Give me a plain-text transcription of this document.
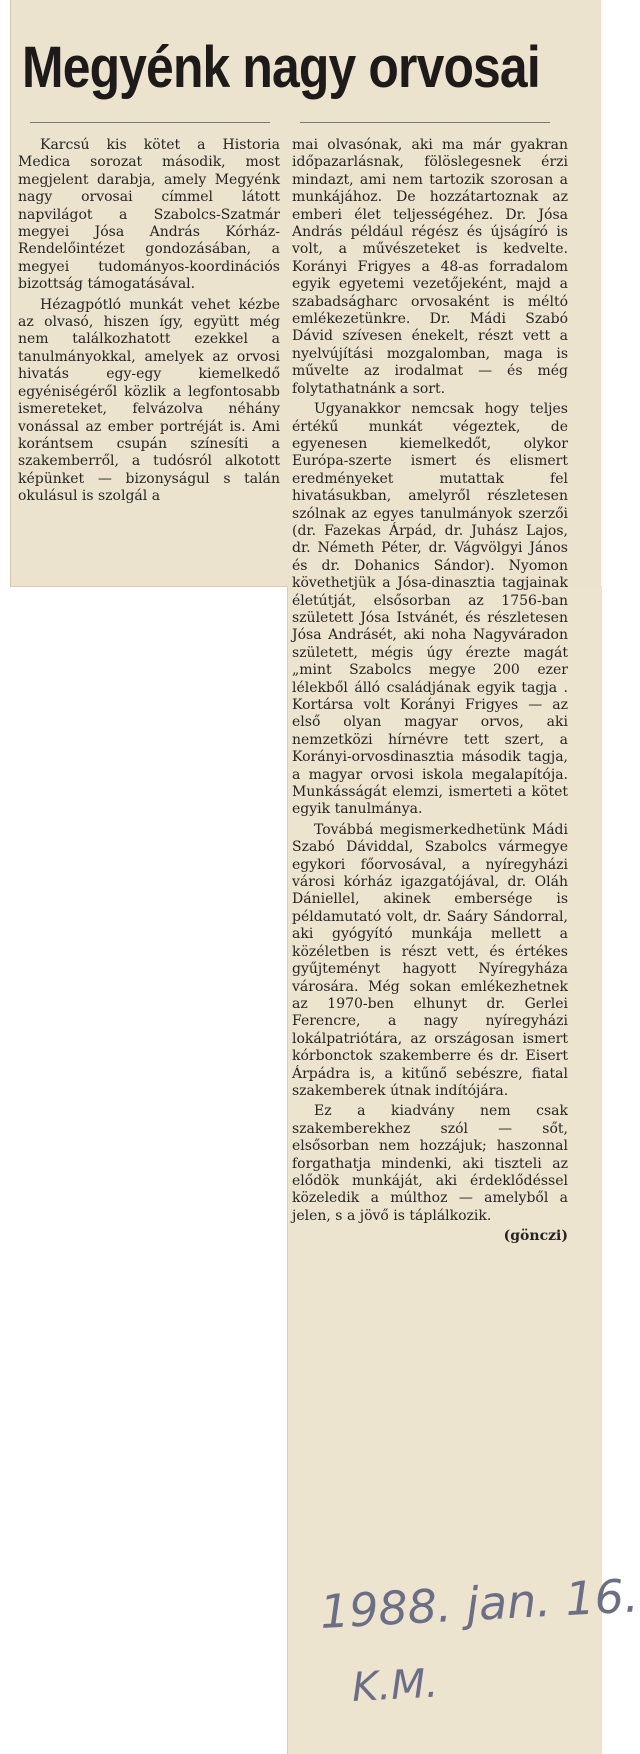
Megyénk nagy orvosai

Karcsú kis kötet a Historia Medica sorozat második, most megjelent darabja, amely Megyénk nagy orvosai címmel látott napvilágot a Szabolcs-Szatmár megyei Jósa András Kórház-Rendelőintézet gondozásában, a megyei tudományos-koordinációs bizottság támogatásával.

Hézagpótló munkát vehet kézbe az olvasó, hiszen így, együtt még nem találkozhatott ezekkel a tanulmányokkal, amelyek az orvosi hivatás egy-egy kiemelkedő egyéniségéről közlik a legfontosabb ismereteket, felvázolva néhány vonással az ember portréját is. Ami korántsem csupán színesíti a szakemberről, a tudósról alkotott képünket — bizonyságul s talán okulásul is szolgál a

mai olvasónak, aki ma már gyakran időpazarlásnak, fölöslegesnek érzi mindazt, ami nem tartozik szorosan a munkájához. De hozzátartoznak az emberi élet teljességéhez. Dr. Jósa András például régész és újságíró is volt, a művészeteket is kedvelte. Korányi Frigyes a 48-as forradalom egyik egyetemi vezetőjeként, majd a szabadságharc orvosaként is méltó emlékezetünkre. Dr. Mádi Szabó Dávid szívesen énekelt, részt vett a nyelvújítási mozgalomban, maga is művelte az irodalmat — és még folytathatnánk a sort.

Ugyanakkor nemcsak hogy teljes értékű munkát végeztek, de egyenesen kiemelkedőt, olykor Európa-szerte ismert és elismert eredményeket mutattak fel hivatásukban, amelyről részletesen szólnak az egyes tanulmányok szerzői (dr. Fazekas Árpád, dr. Juhász Lajos, dr. Németh Péter, dr. Vágvölgyi János és dr. Dohanics Sándor). Nyomon követhetjük a Jósa-dinasztia tagjainak életútját, elsősorban az 1756-ban született Jósa Istvánét, és részletesen Jósa Andrásét, aki noha Nagyváradon született, mégis úgy érezte magát „mint Szabolcs megye 200 ezer lélekből álló családjának egyik tagja . Kortársa volt Korányi Frigyes — az első olyan magyar orvos, aki nemzetközi hírnévre tett szert, a Korányi-orvosdinasztia második tagja, a magyar orvosi iskola megalapítója. Munkásságát elemzi, ismerteti a kötet egyik tanulmánya.

Továbbá megismerkedhetünk Mádi Szabó Dáviddal, Szabolcs vármegye egykori főorvosával, a nyíregyházi városi kórház igazgatójával, dr. Oláh Dániellel, akinek embersége is példamutató volt, dr. Saáry Sándorral, aki gyógyító munkája mellett a közéletben is részt vett, és értékes gyűjteményt hagyott Nyíregyháza városára. Még sokan emlékezhetnek az 1970-ben elhunyt dr. Gerlei Ferencre, a nagy nyíregyházi lokálpatriótára, az országosan ismert kórbonctok szakemberre és dr. Eisert Árpádra is, a kitűnő sebészre, fiatal szakemberek útnak indítójára.

Ez a kiadvány nem csak szakemberekhez szól — sőt, elsősorban nem hozzájuk; haszonnal forgathatja mindenki, aki tiszteli az elődök munkáját, aki érdeklődéssel közeledik a múlthoz — amelyből a jelen, s a jövő is táplálkozik.

(gönczi)

1988. jan. 16.
K.M.
